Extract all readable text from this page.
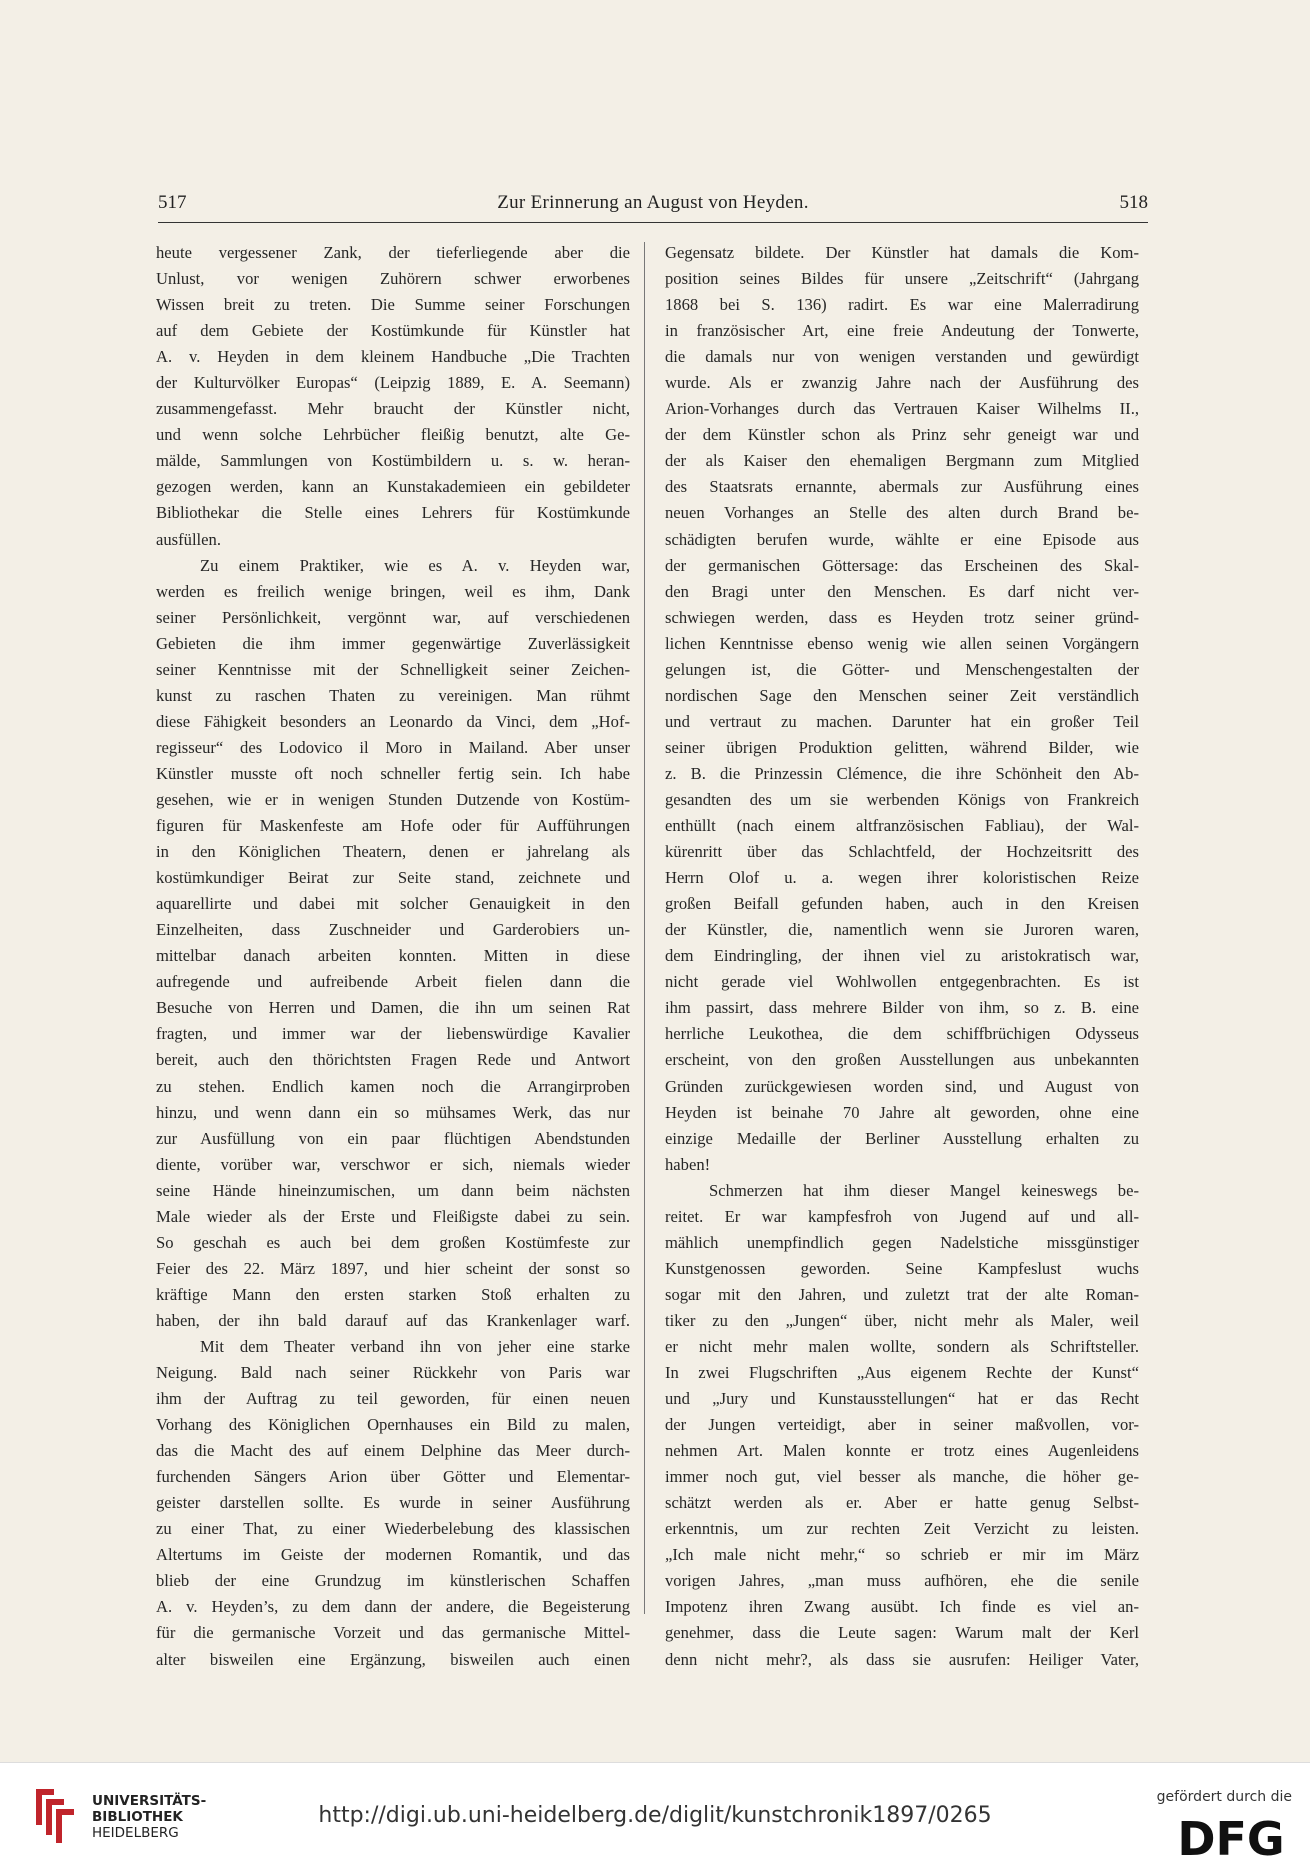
517	Zur Erinnerung an August von Heyden.	518
heute vergessener Zank, der tieferliegende aber die
Unlust, vor wenigen Zuhörern schwer erworbenes
Wissen breit zu treten. Die Summe seiner Forschungen
auf dem Gebiete der Kostümkunde für Künstler hat
A. v. Heyden in dem kleinem Handbuche „Die Trachten
der Kulturvölker Europas“ (Leipzig 1889, E. A. Seemann)
zusammengefasst. Mehr braucht der Künstler nicht,
und wenn solche Lehrbücher fleißig benutzt, alte Ge-
mälde, Sammlungen von Kostümbildern u. s. w. heran-
gezogen werden, kann an Kunstakademieen ein gebildeter
Bibliothekar die Stelle eines Lehrers für Kostümkunde
ausfüllen.
Zu einem Praktiker, wie es A. v. Heyden war,
werden es freilich wenige bringen, weil es ihm, Dank
seiner Persönlichkeit, vergönnt war, auf verschiedenen
Gebieten die ihm immer gegenwärtige Zuverlässigkeit
seiner Kenntnisse mit der Schnelligkeit seiner Zeichen-
kunst zu raschen Thaten zu vereinigen. Man rühmt
diese Fähigkeit besonders an Leonardo da Vinci, dem „Hof-
regisseur“ des Lodovico il Moro in Mailand. Aber unser
Künstler musste oft noch schneller fertig sein. Ich habe
gesehen, wie er in wenigen Stunden Dutzende von Kostüm-
figuren für Maskenfeste am Hofe oder für Aufführungen
in den Königlichen Theatern, denen er jahrelang als
kostümkundiger Beirat zur Seite stand, zeichnete und
aquarellirte und dabei mit solcher Genauigkeit in den
Einzelheiten, dass Zuschneider und Garderobiers un-
mittelbar danach arbeiten konnten. Mitten in diese
aufregende und aufreibende Arbeit fielen dann die
Besuche von Herren und Damen, die ihn um seinen Rat
fragten, und immer war der liebenswürdige Kavalier
bereit, auch den thörichtsten Fragen Rede und Antwort
zu stehen. Endlich kamen noch die Arrangirproben
hinzu, und wenn dann ein so mühsames Werk, das nur
zur Ausfüllung von ein paar flüchtigen Abendstunden
diente, vorüber war, verschwor er sich, niemals wieder
seine Hände hineinzumischen, um dann beim nächsten
Male wieder als der Erste und Fleißigste dabei zu sein.
So geschah es auch bei dem großen Kostümfeste zur
Feier des 22. März 1897, und hier scheint der sonst so
kräftige Mann den ersten starken Stoß erhalten zu
haben, der ihn bald darauf auf das Krankenlager warf.
Mit dem Theater verband ihn von jeher eine starke
Neigung. Bald nach seiner Rückkehr von Paris war
ihm der Auftrag zu teil geworden, für einen neuen
Vorhang des Königlichen Opernhauses ein Bild zu malen,
das die Macht des auf einem Delphine das Meer durch-
furchenden Sängers Arion über Götter und Elementar-
geister darstellen sollte. Es wurde in seiner Ausführung
zu einer That, zu einer Wiederbelebung des klassischen
Altertums im Geiste der modernen Romantik, und das
blieb der eine Grundzug im künstlerischen Schaffen
A. v. Heyden’s, zu dem dann der andere, die Begeisterung
für die germanische Vorzeit und das germanische Mittel-
alter bisweilen eine Ergänzung, bisweilen auch einen
Gegensatz bildete. Der Künstler hat damals die Kom-
position seines Bildes für unsere „Zeitschrift“ (Jahrgang
1868 bei S. 136) radirt. Es war eine Malerradirung
in französischer Art, eine freie Andeutung der Tonwerte,
die damals nur von wenigen verstanden und gewürdigt
wurde. Als er zwanzig Jahre nach der Ausführung des
Arion-Vorhanges durch das Vertrauen Kaiser Wilhelms II.,
der dem Künstler schon als Prinz sehr geneigt war und
der als Kaiser den ehemaligen Bergmann zum Mitglied
des Staatsrats ernannte, abermals zur Ausführung eines
neuen Vorhanges an Stelle des alten durch Brand be-
schädigten berufen wurde, wählte er eine Episode aus
der germanischen Göttersage: das Erscheinen des Skal-
den Bragi unter den Menschen. Es darf nicht ver-
schwiegen werden, dass es Heyden trotz seiner gründ-
lichen Kenntnisse ebenso wenig wie allen seinen Vorgängern
gelungen ist, die Götter- und Menschengestalten der
nordischen Sage den Menschen seiner Zeit verständlich
und vertraut zu machen. Darunter hat ein großer Teil
seiner übrigen Produktion gelitten, während Bilder, wie
z. B. die Prinzessin Clémence, die ihre Schönheit den Ab-
gesandten des um sie werbenden Königs von Frankreich
enthüllt (nach einem altfranzösischen Fabliau), der Wal-
kürenritt über das Schlachtfeld, der Hochzeitsritt des
Herrn Olof u. a. wegen ihrer koloristischen Reize
großen Beifall gefunden haben, auch in den Kreisen
der Künstler, die, namentlich wenn sie Juroren waren,
dem Eindringling, der ihnen viel zu aristokratisch war,
nicht gerade viel Wohlwollen entgegenbrachten. Es ist
ihm passirt, dass mehrere Bilder von ihm, so z. B. eine
herrliche Leukothea, die dem schiffbrüchigen Odysseus
erscheint, von den großen Ausstellungen aus unbekannten
Gründen zurückgewiesen worden sind, und August von
Heyden ist beinahe 70 Jahre alt geworden, ohne eine
einzige Medaille der Berliner Ausstellung erhalten zu
haben!
Schmerzen hat ihm dieser Mangel keineswegs be-
reitet. Er war kampfesfroh von Jugend auf und all-
mählich unempfindlich gegen Nadelstiche missgünstiger
Kunstgenossen geworden. Seine Kampfeslust wuchs
sogar mit den Jahren, und zuletzt trat der alte Roman-
tiker zu den „Jungen“ über, nicht mehr als Maler, weil
er nicht mehr malen wollte, sondern als Schriftsteller.
In zwei Flugschriften „Aus eigenem Rechte der Kunst“
und „Jury und Kunstausstellungen“ hat er das Recht
der Jungen verteidigt, aber in seiner maßvollen, vor-
nehmen Art. Malen konnte er trotz eines Augenleidens
immer noch gut, viel besser als manche, die höher ge-
schätzt werden als er. Aber er hatte genug Selbst-
erkenntnis, um zur rechten Zeit Verzicht zu leisten.
„Ich male nicht mehr,“ so schrieb er mir im März
vorigen Jahres, „man muss aufhören, ehe die senile
Impotenz ihren Zwang ausübt. Ich finde es viel an-
genehmer, dass die Leute sagen: Warum malt der Kerl
denn nicht mehr?, als dass sie ausrufen: Heiliger Vater,
UNIVERSITÄTS-
BIBLIOTHEK
HEIDELBERG
http://digi.ub.uni-heidelberg.de/diglit/kunstchronik1897/0265
gefördert durch die
DFG
